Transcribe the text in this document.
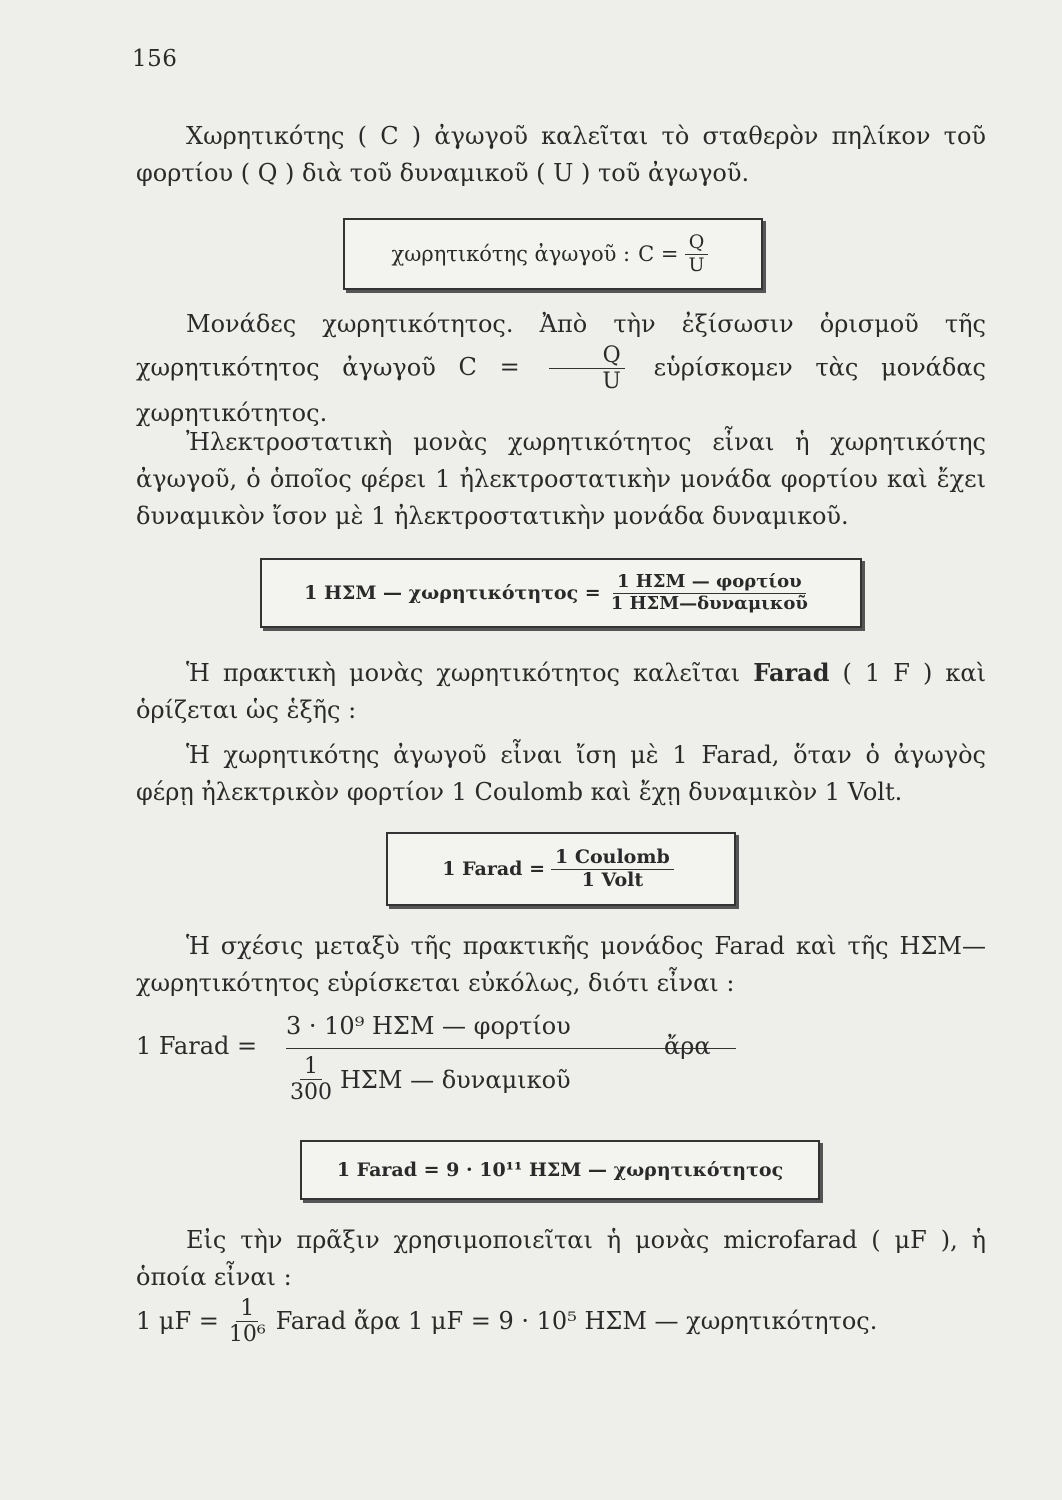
156
Χωρητικότης ( C ) ἀγωγοῦ καλεῖται τὸ σταθερὸν πηλίκον τοῦ φορτίου ( Q ) διὰ τοῦ δυναμικοῦ ( U ) τοῦ ἀγωγοῦ.
χωρητικότης ἀγωγοῦ : $C = \frac{Q}{U}$
Μονάδες χωρητικότητος. Ἀπὸ τὴν ἐξίσωσιν ὁρισμοῦ τῆς χωρητικότητος ἀγωγοῦ $C = \frac{Q}{U}$ εὑρίσκομεν τὰς μονάδας χωρητικότητος.
Ἠλεκτροστατικὴ μονὰς χωρητικότητος εἶναι ἡ χωρητικότης ἀγωγοῦ, ὁ ὁποῖος φέρει 1 ἠλεκτροστατικὴν μονάδα φορτίου καὶ ἔχει δυναμικὸν ἴσον μὲ 1 ἠλεκτροστατικὴν μονάδα δυναμικοῦ.
1 ΗΣΜ — $\chi\omega\rho\eta\tau\iota\kappa ό\tau\eta\tau o\varsigma = \frac{\text{1 ΗΣΜ — φορτίου}}{\text{1 ΗΣΜ—δυναμικοῦ}}$
Ἡ πρακτικὴ μονὰς χωρητικότητος καλεῖται Farad ( 1 F ) καὶ ὁρίζεται ὡς ἑξῆς :
Ἡ χωρητικότης ἀγωγοῦ εἶναι ἴση μὲ 1 Farad, ὅταν ὁ ἀγωγὸς φέρῃ ἠλεκτρικὸν φορτίον 1 Coulomb καὶ ἔχῃ δυναμικὸν 1 Volt.
1 Farad = $\frac{\text{1 Coulomb}}{\text{1 Volt}}$
Ἡ σχέσις μεταξὺ τῆς πρακτικῆς μονάδος Farad καὶ τῆς ΗΣΜ—χωρητικότητος εὑρίσκεται εὐκόλως, διότι εἶναι :
1 Farad =
3 · 10⁹ ΗΣΜ — φορτίου
ἄρα
$\frac{1}{300}$ ΗΣΜ — δυναμικοῦ
1 Farad = 9 · 10¹¹ ΗΣΜ — χωρητικότητος
Εἰς τὴν πρᾶξιν χρησιμοποιεῖται ἡ μονὰς microfarad ( μF ), ἡ ὁποία εἶναι :
1 $\mu F = \frac{1}{\text{10⁶}}$ Farad ἄρα 1 μF = 9 · 10⁵ ΗΣΜ — χωρητικότητος.
